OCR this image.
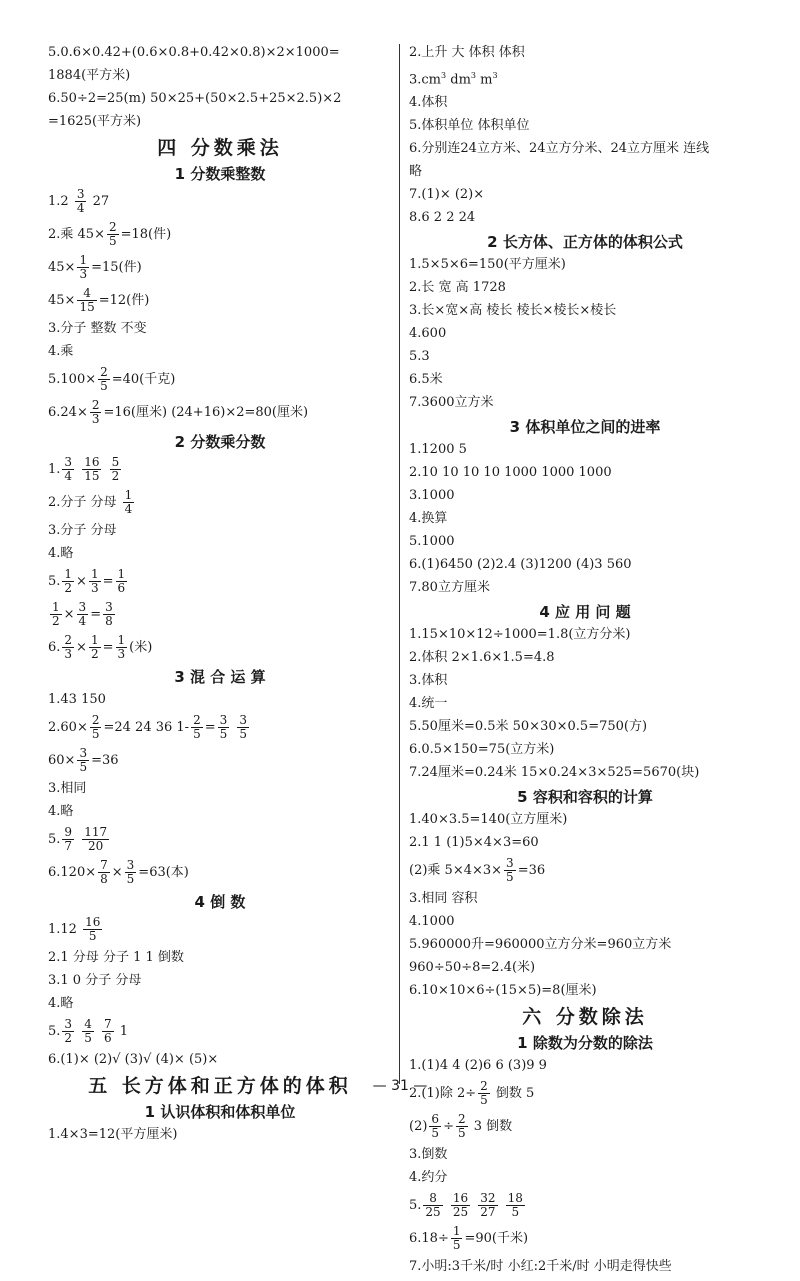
5.0.6×0.42+(0.6×0.8+0.42×0.8)×2×1000=
1884(平方米)
6.50÷2=25(m) 50×25+(50×2.5+25×2.5)×2
=1625(平方米)
四 分数乘法
1 分数乘整数
$1.2 \frac{3}{4} 27$
2.乘 $45\times \frac{2}{5} =18$(件)
$45\times \frac{1}{3} =15$(件)
$45\times \frac{4}{15} =12$(件)
3.分子 整数 不变
4.乘
$5.100\times \frac{2}{5} =40$(千克)
$6.24\times \frac{2}{3} =16$(厘米) (24+16)×2=80(厘米)
2 分数乘分数
1. $\frac{3}{4}$
$\frac{16}{15}$
$\frac{5}{2}$
2.分子 分母 $\frac{1}{4}$
3.分子 分母
4.略
5. $\frac{1}{2} \times \frac{1}{3} = \frac{1}{6}$
$\frac{1}{2} \times \frac{3}{4} = \frac{3}{8}$
6. $\frac{2}{3} \times \frac{1}{2} = \frac{1}{3}$ (米)
3 混 合 运 算
1.43 150
$2.60\times \frac{2}{5} =24$ 24 36 $1- \frac{2}{5} = \frac{3}{5}$
$\frac{3}{5}$
$60\times \frac{3}{5} =36$
3.相同
4.略
5. $\frac{9}{7}$
$\frac{117}{20}$
$6.120\times \frac{7}{8} \times \frac{3}{5} =63$(本)
4 倒 数
$1.12 \frac{16}{5}$
2.1 分母 分子 1 1 倒数
3.1 0 分子 分母
4.略
5. $\frac{3}{2}$
$\frac{4}{5}$
$\frac{7}{6} 1$
6.(1)× (2)√ (3)√ (4)× (5)×
五 长方体和正方体的体积
1 认识体积和体积单位
1.4×3=12(平方厘米)
2.上升 大 体积 体积
$3.cm^3$ $dm^3$ $m^3$
4.体积
5.体积单位 体积单位
6.分别连24立方米、24立方分米、24立方厘米 连线
略
7.(1)× (2)×
8.6 2 2 24
2 长方体、正方体的体积公式
1.5×5×6=150(平方厘米)
2.长 宽 高 1728
3.长×宽×高 棱长 棱长×棱长×棱长
4.600
5.3
6.5米
7.3600立方米
3 体积单位之间的进率
1.1200 5
2.10 10 10 10 1000 1000 1000
3.1000
4.换算
5.1000
6.(1)6450 (2)2.4 (3)1200 (4)3 560
7.80立方厘米
4 应 用 问 题
1.15×10×12÷1000=1.8(立方分米)
2.体积 2×1.6×1.5=4.8
3.体积
4.统一
5.50厘米=0.5米 50×30×0.5=750(方)
6.0.5×150=75(立方米)
7.24厘米=0.24米 15×0.24×3×525=5670(块)
5 容积和容积的计算
1.40×3.5=140(立方厘米)
2.1 1 (1)5×4×3=60
(2)乘 $5\times 4\times 3\times \frac{3}{5} =36$
3.相同 容积
4.1000
5.960000升=960000立方分米=960立方米
960÷50÷8=2.4(米)
6.10×10×6÷(15×5)=8(厘米)
六 分数除法
1 除数为分数的除法
1.(1)4 4 (2)6 6 (3)9 9
2.(1)除 $2\div \frac{2}{5}$ 倒数 5
$(2) \frac{6}{5} \div \frac{2}{5} 3$ 倒数
3.倒数
4.约分
5. $\frac{8}{25}$
$\frac{16}{25}$
$\frac{32}{27}$
$\frac{18}{5}$
$6.18\div \frac{1}{5} =90$(千米)
7.小明:3千米/时 小红:2千米/时 小明走得快些
— 31 —
